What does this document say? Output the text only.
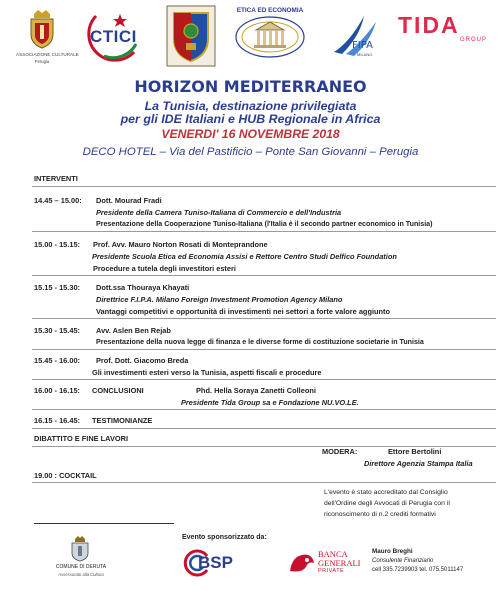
ASSOCIAZIONE CULTURALE
Perugia
CTICI
ETICA ED ECONOMIA
FIPA
MILANO
TIDA
GROUP
HORIZON MEDITERRANEO
La Tunisia, destinazione privilegiata
per gli IDE Italiani e HUB Regionale in Africa
VENERDI' 16 NOVEMBRE 2018
DECO HOTEL – Via del Pastificio – Ponte San Giovanni – Perugia
INTERVENTI
14.45 – 15.00: Dott. Mourad Fradi
Presidente della Camera Tuniso-Italiana di Commercio e dell'Industria
Presentazione della Cooperazione Tuniso-Italiana (l'Italia è il secondo partner economico in Tunisia)
15.00 - 15.15: Prof. Avv. Mauro Norton Rosati di Monteprandone
Presidente Scuola Etica ed Economia Assisi e Rettore Centro Studi Delfico Foundation
Procedure a tutela degli investitori esteri
15.15 - 15.30: Dott.ssa Thouraya Khayati
Direttrice F.I.P.A. Milano Foreign Investment Promotion Agency Milano
Vantaggi competitivi e opportunità di investimenti nei settori a forte valore aggiunto
15.30 - 15.45: Avv. Aslen Ben Rejab
Presentazione della nuova legge di finanza e le diverse forme di costituzione societarie in Tunisia
15.45 - 16.00: Prof. Dott. Giacomo Breda
Gli investimenti esteri verso la Tunisia, aspetti fiscali e procedure
16.00 - 16.15: CONCLUSIONI	Phd. Hella Soraya Zanetti Colleoni
Presidente Tida Group sa e Fondazione NU.VO.LE.
16.15 - 16.45: TESTIMONIANZE
DIBATTITO E FINE LAVORI
MODERA:	Ettore Bertolini
Direttore Agenzia Stampa Italia
19.00 : COCKTAIL
L'evento è stato accreditato dal Consiglio
dell'Ordine degli Avvocati di Perugia con il
riconoscimento di n.2 crediti formativi
Evento sponsorizzato da:
COMUNE DI DERUTA
Assessorato alla Cultura
BSP	BANCA
GENERALI
PRIVATE
Mauro Breghi
Consulente Finanziario
cell 335.7239903 tel. 075.5011147
